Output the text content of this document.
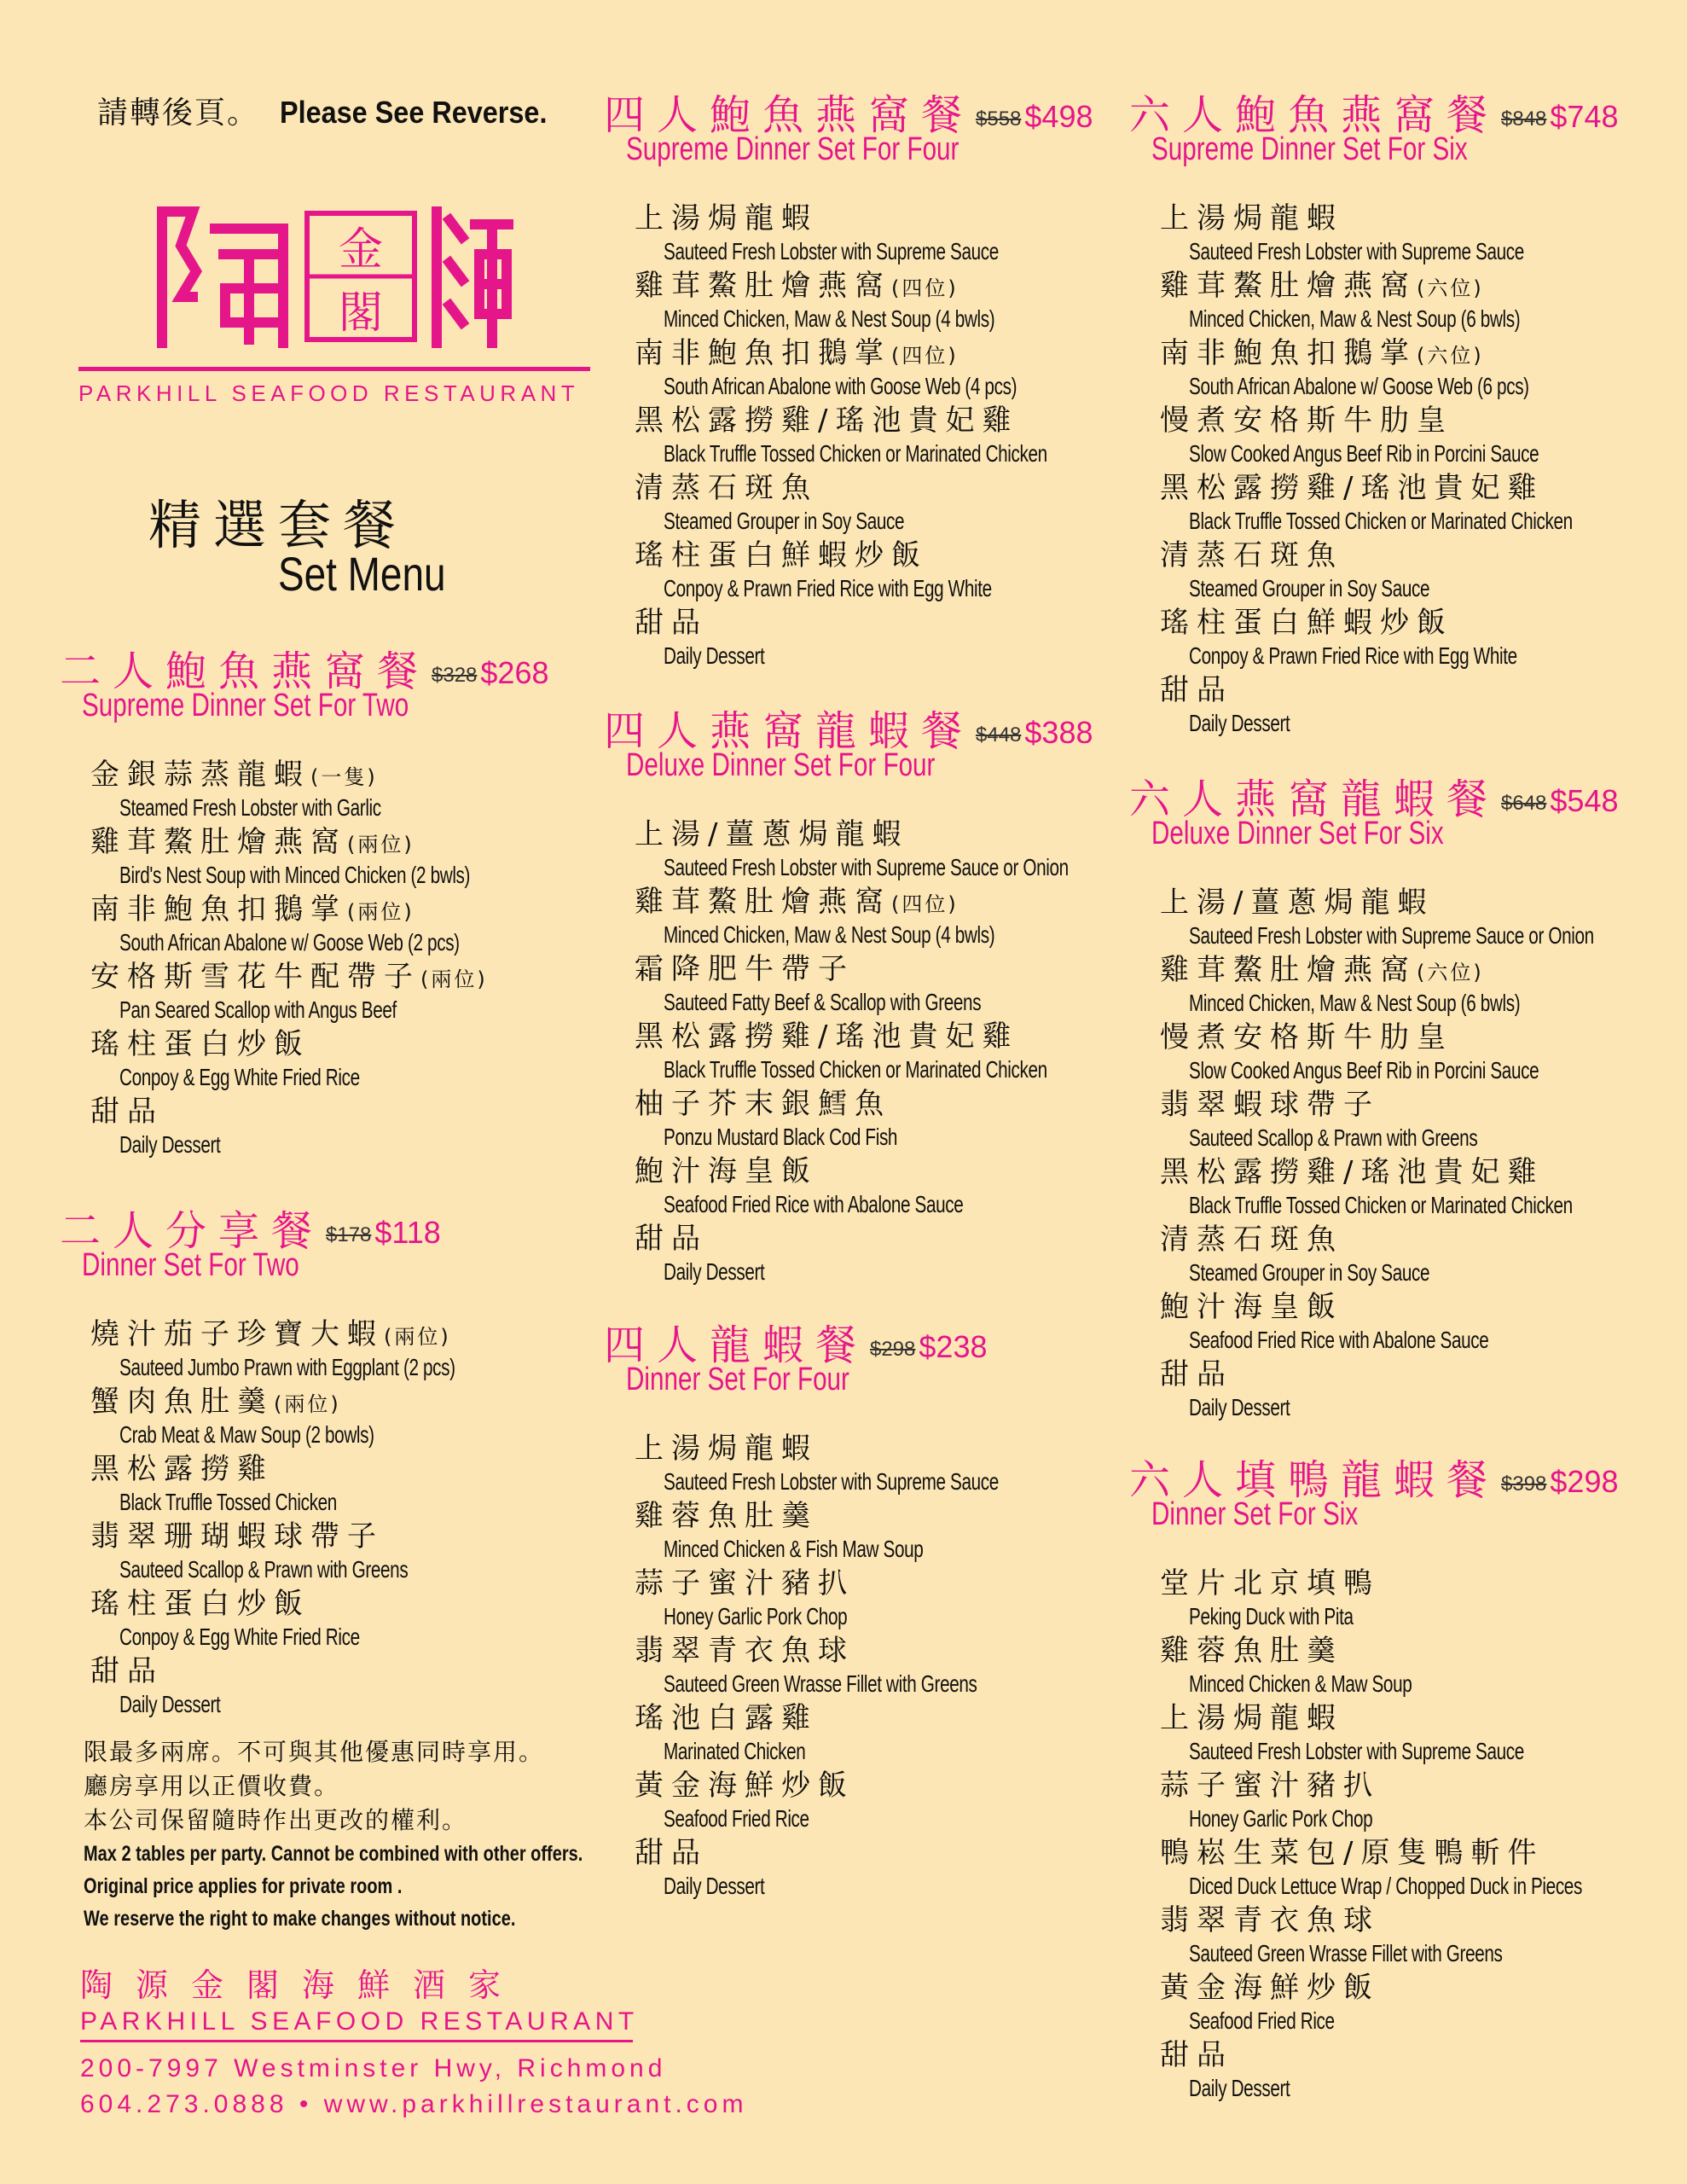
請轉後頁。 Please See Reverse.
金
閣
PARKHILL SEAFOOD RESTAURANT
精選套餐
Set Menu
二人鮑魚燕窩餐$328 $268
Supreme Dinner Set For Two
金銀蒜蒸龍蝦(一隻)
Steamed Fresh Lobster with Garlic
雞茸鰲肚燴燕窩(兩位)
Bird's Nest Soup with Minced Chicken (2 bwls)
南非鮑魚扣鵝掌(兩位)
South African Abalone w/ Goose Web (2 pcs)
安格斯雪花牛配帶子(兩位)
Pan Seared Scallop with Angus Beef
瑤柱蛋白炒飯
Conpoy & Egg White Fried Rice
甜品
Daily Dessert
二人分享餐$178 $118
Dinner Set For Two
燒汁茄子珍寶大蝦(兩位)
Sauteed Jumbo Prawn with Eggplant (2 pcs)
蟹肉魚肚羹(兩位)
Crab Meat & Maw Soup (2 bowls)
黑松露撈雞
Black Truffle Tossed Chicken
翡翠珊瑚蝦球帶子
Sauteed Scallop & Prawn with Greens
瑤柱蛋白炒飯
Conpoy & Egg White Fried Rice
甜品
Daily Dessert
限最多兩席。不可與其他優惠同時享用。
廳房享用以正價收費。
本公司保留隨時作出更改的權利。
Max 2 tables per party. Cannot be combined with other offers.
Original price applies for private room .
We reserve the right to make changes without notice.
陶源金閣海鮮酒家
PARKHILL SEAFOOD RESTAURANT
200-7997 Westminster Hwy, Richmond
604.273.0888 • www.parkhillrestaurant.com
四人鮑魚燕窩餐$558 $498
Supreme Dinner Set For Four
上湯焗龍蝦
Sauteed Fresh Lobster with Supreme Sauce
雞茸鰲肚燴燕窩(四位)
Minced Chicken, Maw & Nest Soup (4 bwls)
南非鮑魚扣鵝掌(四位)
South African Abalone with Goose Web (4 pcs)
黑松露撈雞/瑤池貴妃雞
Black Truffle Tossed Chicken or Marinated Chicken
清蒸石斑魚
Steamed Grouper in Soy Sauce
瑤柱蛋白鮮蝦炒飯
Conpoy & Prawn Fried Rice with Egg White
甜品
Daily Dessert
四人燕窩龍蝦餐$448 $388
Deluxe Dinner Set For Four
上湯/薑蔥焗龍蝦
Sauteed Fresh Lobster with Supreme Sauce or Onion
雞茸鰲肚燴燕窩(四位)
Minced Chicken, Maw & Nest Soup (4 bwls)
霜降肥牛帶子
Sauteed Fatty Beef & Scallop with Greens
黑松露撈雞/瑤池貴妃雞
Black Truffle Tossed Chicken or Marinated Chicken
柚子芥末銀鱈魚
Ponzu Mustard Black Cod Fish
鮑汁海皇飯
Seafood Fried Rice with Abalone Sauce
甜品
Daily Dessert
四人龍蝦餐$298 $238
Dinner Set For Four
上湯焗龍蝦
Sauteed Fresh Lobster with Supreme Sauce
雞蓉魚肚羹
Minced Chicken & Fish Maw Soup
蒜子蜜汁豬扒
Honey Garlic Pork Chop
翡翠青衣魚球
Sauteed Green Wrasse Fillet with Greens
瑤池白露雞
Marinated Chicken
黃金海鮮炒飯
Seafood Fried Rice
甜品
Daily Dessert
六人鮑魚燕窩餐$848 $748
Supreme Dinner Set For Six
上湯焗龍蝦
Sauteed Fresh Lobster with Supreme Sauce
雞茸鰲肚燴燕窩(六位)
Minced Chicken, Maw & Nest Soup (6 bwls)
南非鮑魚扣鵝掌(六位)
South African Abalone w/ Goose Web (6 pcs)
慢煮安格斯牛肋皇
Slow Cooked Angus Beef Rib in Porcini Sauce
黑松露撈雞/瑤池貴妃雞
Black Truffle Tossed Chicken or Marinated Chicken
清蒸石斑魚
Steamed Grouper in Soy Sauce
瑤柱蛋白鮮蝦炒飯
Conpoy & Prawn Fried Rice with Egg White
甜品
Daily Dessert
六人燕窩龍蝦餐$648 $548
Deluxe Dinner Set For Six
上湯/薑蔥焗龍蝦
Sauteed Fresh Lobster with Supreme Sauce or Onion
雞茸鰲肚燴燕窩(六位)
Minced Chicken, Maw & Nest Soup (6 bwls)
慢煮安格斯牛肋皇
Slow Cooked Angus Beef Rib in Porcini Sauce
翡翠蝦球帶子
Sauteed Scallop & Prawn with Greens
黑松露撈雞/瑤池貴妃雞
Black Truffle Tossed Chicken or Marinated Chicken
清蒸石斑魚
Steamed Grouper in Soy Sauce
鮑汁海皇飯
Seafood Fried Rice with Abalone Sauce
甜品
Daily Dessert
六人填鴨龍蝦餐$398 $298
Dinner Set For Six
堂片北京填鴨
Peking Duck with Pita
雞蓉魚肚羹
Minced Chicken & Maw Soup
上湯焗龍蝦
Sauteed Fresh Lobster with Supreme Sauce
蒜子蜜汁豬扒
Honey Garlic Pork Chop
鴨崧生菜包/原隻鴨斬件
Diced Duck Lettuce Wrap / Chopped Duck in Pieces
翡翠青衣魚球
Sauteed Green Wrasse Fillet with Greens
黃金海鮮炒飯
Seafood Fried Rice
甜品
Daily Dessert
